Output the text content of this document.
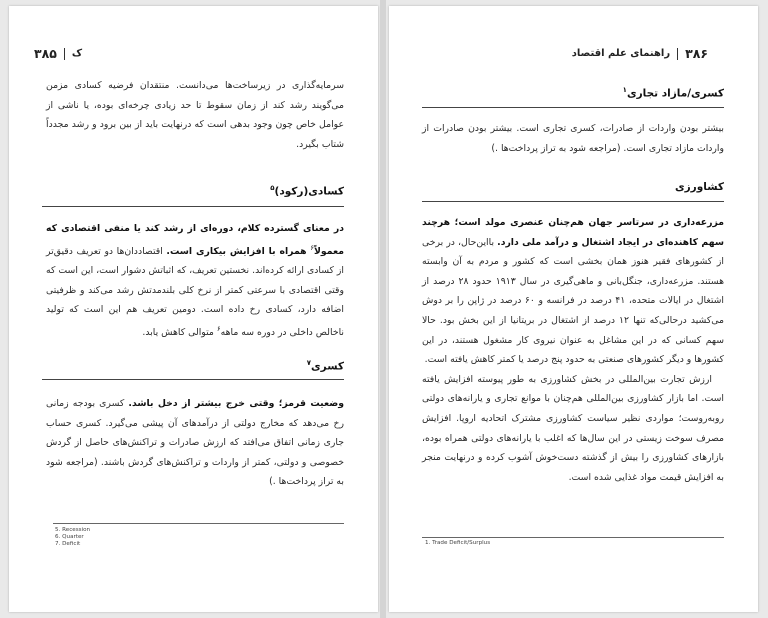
ک
۳۸۵

سرمایه‌گذاری در زیرساخت‌ها می‌دانست. منتقدان فرضیه کسادی مزمن می‌گویند رشد کند از زمان سقوط تا حد زیادی چرخه‌ای بوده، یا ناشی از عوامل خاص چون وجود بدهی است که درنهایت باید از بین برود و رشد مجدداً شتاب بگیرد.

کسادی(رکود)$^۵$

در معنای گسترده کلام، دوره‌ای از رشد کند یا منفی اقتصادی که معمولاً$^۶$ همراه با افزایش بیکاری است. اقتصاددان‌ها دو تعریف دقیق‌تر از کسادی ارائه کرده‌اند. نخستین تعریف، که اثباتش دشوار است، این است که وقتی اقتصادی با سرعتی کمتر از نرخ کلی بلندمدتش رشد می‌کند و ظرفیتی اضافه دارد، کسادی رخ داده است. دومین تعریف هم این است که تولید ناخالص داخلی در دوره سه ماهه$^۶$ متوالی کاهش یابد.

کسری$^۷$

وضعیت قرمز؛ وقتی خرج بیشتر از دخل باشد. کسری بودجه زمانی رخ می‌دهد که مخارج دولتی از درآمدهای آن پیشی می‌گیرد. کسری حساب جاری زمانی اتفاق می‌افتد که ارزش صادرات و تراکنش‌های حاصل از گردش خصوصی و دولتی، کمتر از واردات و تراکنش‌های گردش باشند. (مراجعه شود به تراز پرداخت‌ها .)

5. Recession
6. Quarter
7. Deficit
۳۸۶
راهنمای علم اقتصاد
کسری/مازاد تجاری$^۱$

بیشتر بودن واردات از صادرات، کسری تجاری است. بیشتر بودن صادرات از واردات مازاد تجاری است. (مراجعه شود به تراز پرداخت‌ها .)

کشاورزی

مزرعه‌داری در سرتاسر جهان هم‌چنان عنصری مولد است؛ هرچند سهم کاهنده‌ای در ایجاد اشتغال و درآمد ملی دارد. بااین‌حال، در برخی از کشورهای فقیر هنوز همان بخشی است که کشور و مردم به آن وابسته هستند. مزرعه‌داری، جنگل‌بانی و ماهی‌گیری در سال ۱۹۱۳ حدود ۲۸ درصد از اشتغال در ایالات متحده، ۴۱ درصد در فرانسه و ۶۰ درصد در ژاپن را بر دوش می‌کشید درحالی‌که تنها ۱۲ درصد از اشتغال در بریتانیا از این بخش بود. حالا سهم کسانی که در این مشاغل به عنوان نیروی کار مشغول هستند، در این کشورها و دیگر کشورهای صنعتی به حدود پنج درصد یا کمتر کاهش یافته است.

ارزش تجارت بین‌المللی در بخش کشاورزی به طور پیوسته افزایش یافته است. اما بازار کشاورزی بین‌المللی هم‌چنان با موانع تجاری و یارانه‌های دولتی روبه‌روست؛ مواردی نظیر سیاست کشاورزی مشترک اتحادیه اروپا. افزایش مصرف سوخت زیستی در این سال‌ها که اغلب با یارانه‌های دولتی همراه بوده، بازارهای کشاورزی را بیش از گذشته دست‌خوش آشوب کرده و درنهایت منجر به افزایش قیمت مواد غذایی شده است.

1. Trade Deficit/Surplus
